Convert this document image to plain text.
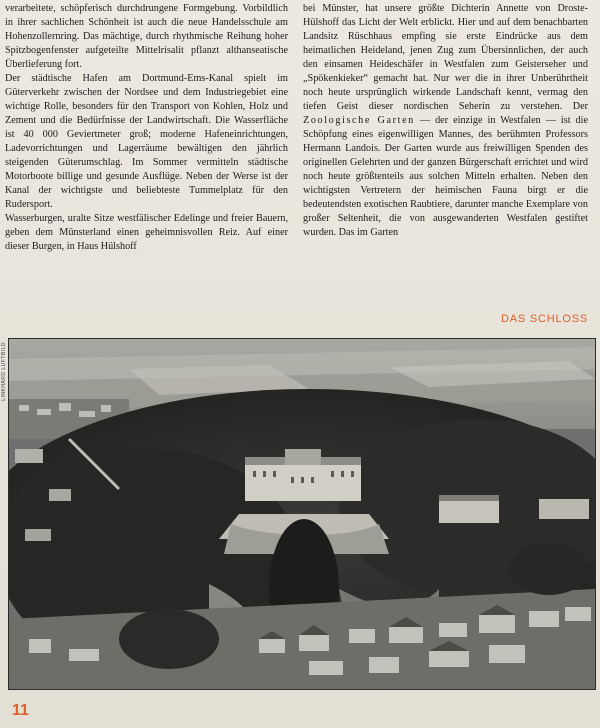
verarbeitete, schöpferisch durchdrungene Formgebung. Vorbildlich in ihrer sachlichen Schönheit ist auch die neue Handelsschule am Hohenzollernring. Das mächtige, durch rhythmische Reihung hoher Spitzbogenfenster aufgeteilte Mittelrisalit pflanzt althanseatische Überlieferung fort.

Der städtische Hafen am Dortmund-Ems-Kanal spielt im Güterverkehr zwischen der Nordsee und dem Industriegebiet eine wichtige Rolle, besonders für den Transport von Kohlen, Holz und Zement und die Bedürfnisse der Landwirtschaft. Die Wasserfläche ist 40 000 Geviertmeter groß; moderne Hafeneinrichtungen, Ladevorrichtungen und Lagerräume bewältigen den jährlich steigenden Güterumschlag. Im Sommer vermitteln städtische Motorboote billige und gesunde Ausflüge. Neben der Werse ist der Kanal der wichtigste und beliebteste Tummelplatz für den Rudersport.

Wasserburgen, uralte Sitze westfälischer Edelinge und freier Bauern, geben dem Münsterland einen geheimnisvollen Reiz. Auf einer dieser Burgen, in Haus Hülshoff

bei Münster, hat unsere größte Dichterin Annette von Droste-Hülshoff das Licht der Welt erblickt. Hier und auf dem benachbarten Landsitz Rüschhaus empfing sie erste Eindrücke aus dem heimatlichen Heideland, jenen Zug zum Übersinnlichen, der auch den einsamen Heideschäfer in Westfalen zum Geisterseher und „Spökenkieker“ gemacht hat. Nur wer die in ihrer Unberührtheit noch heute ursprünglich wirkende Landschaft kennt, vermag den tiefen Geist dieser nordischen Seherin zu verstehen. Der Zoologische Garten — der einzige in Westfalen — ist die Schöpfung eines eigenwilligen Mannes, des berühmten Professors Hermann Landois. Der Garten wurde aus freiwilligen Spenden des originellen Gelehrten und der ganzen Bürgerschaft errichtet und wird noch heute größtenteils aus solchen Mitteln erhalten. Neben den wichtigsten Vertretern der heimischen Fauna birgt er die bedeutendsten exotischen Raubtiere, darunter manche Exemplare von großer Seltenheit, die von ausgewanderten Westfalen gestiftet wurden. Das im Garten

DAS SCHLOSS
LINKHARD LUFTBILD
11
